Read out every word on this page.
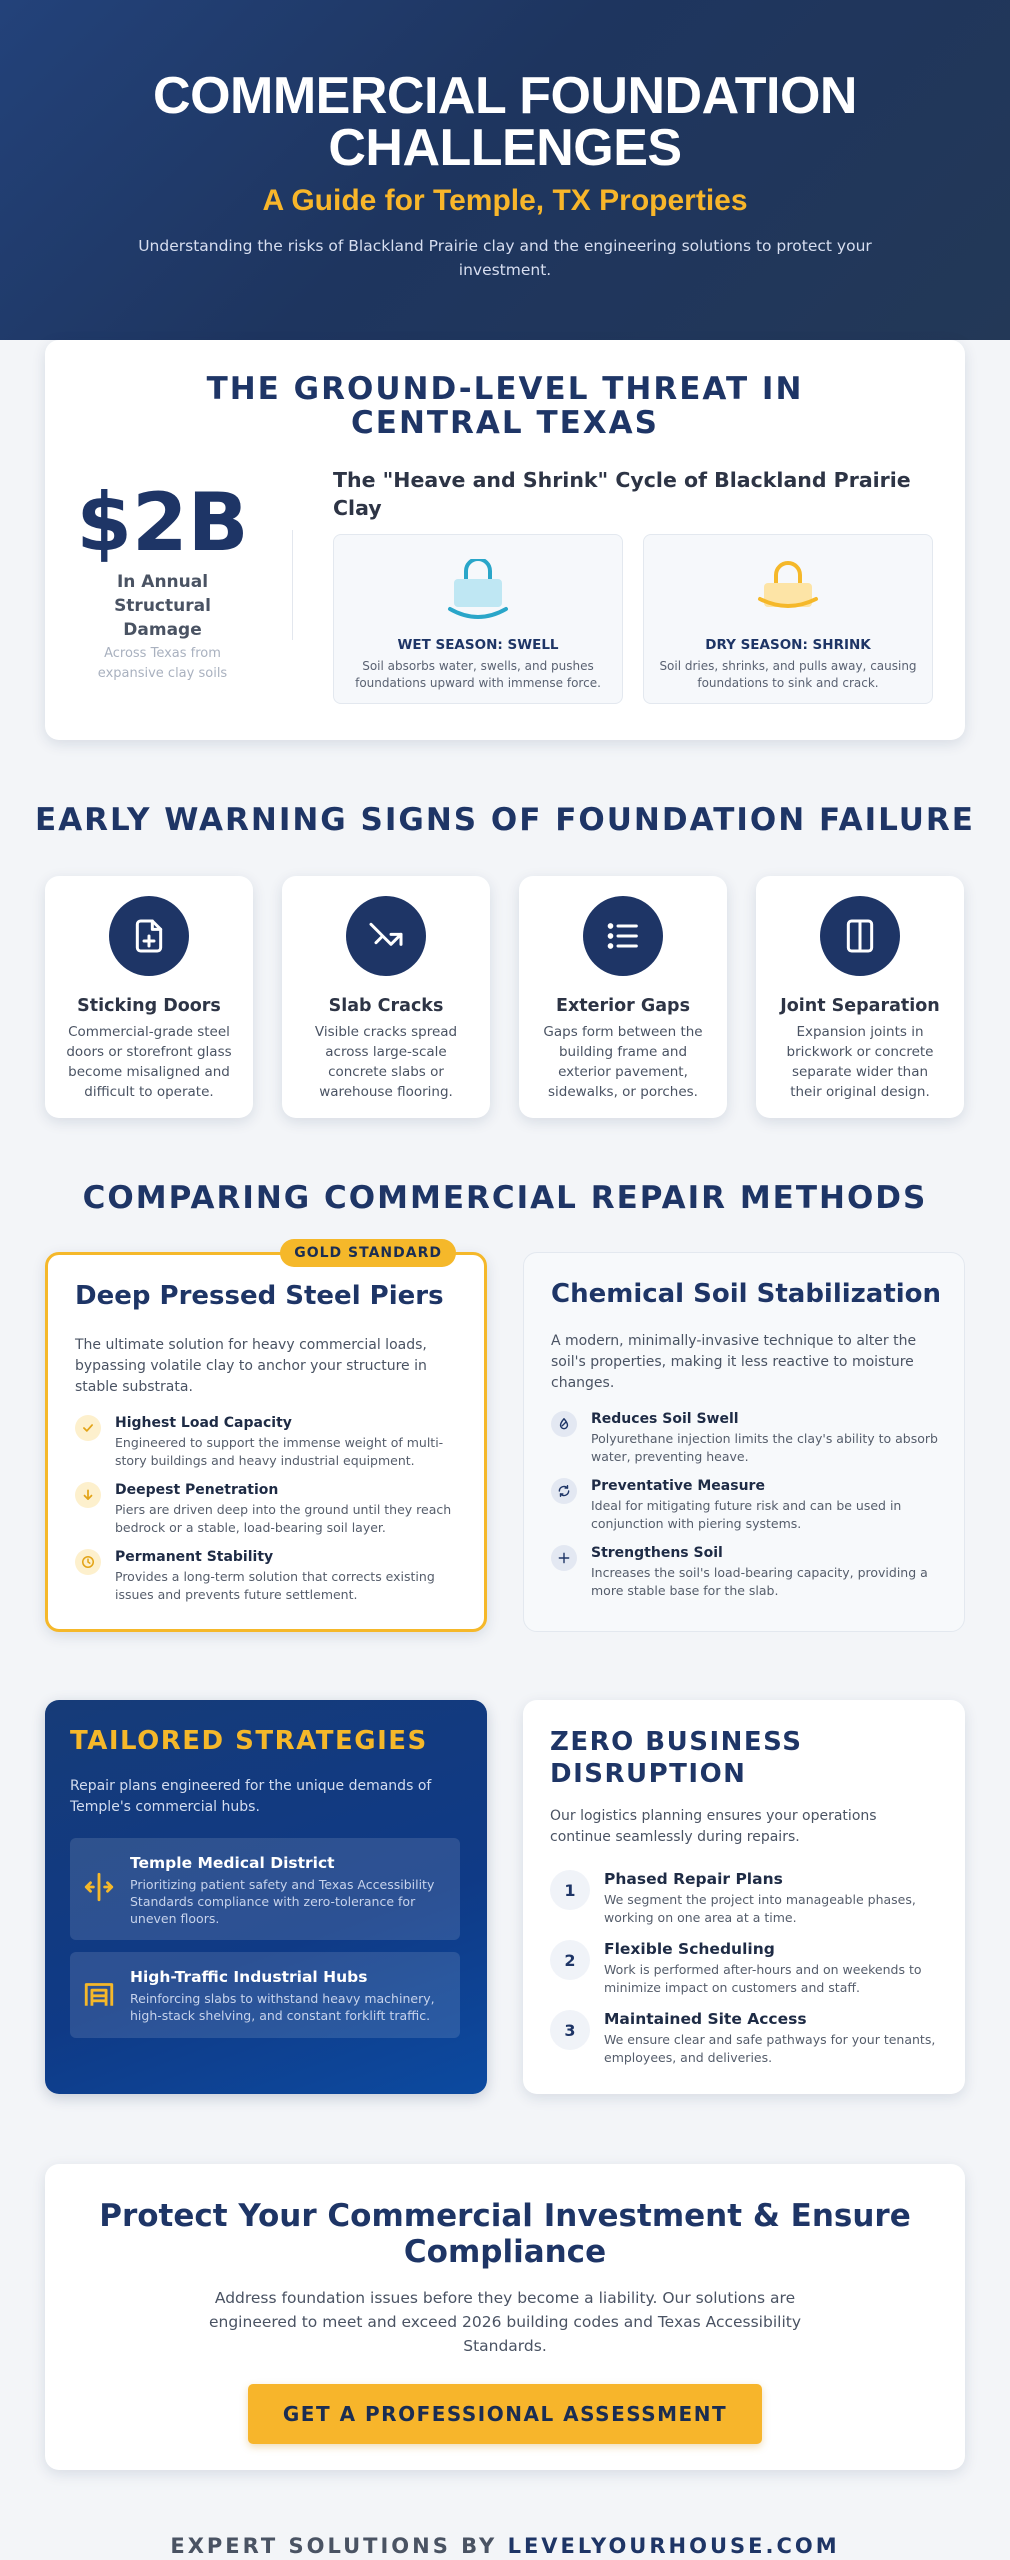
COMMERCIAL FOUNDATION CHALLENGES
A Guide for Temple, TX Properties

Understanding the risks of Blackland Prairie clay and the engineering solutions to protect your investment.

THE GROUND-LEVEL THREAT IN CENTRAL TEXAS
$2B
In Annual Structural Damage
Across Texas from expansive clay soils
The "Heave and Shrink" Cycle of Blackland Prairie Clay
WET SEASON: SWELL
Soil absorbs water, swells, and pushes foundations upward with immense force.
DRY SEASON: SHRINK
Soil dries, shrinks, and pulls away, causing foundations to sink and crack.
EARLY WARNING SIGNS OF FOUNDATION FAILURE
Sticking Doors
Commercial-grade steel doors or storefront glass become misaligned and difficult to operate.
Slab Cracks
Visible cracks spread across large-scale concrete slabs or warehouse flooring.
Exterior Gaps
Gaps form between the building frame and exterior pavement, sidewalks, or porches.
Joint Separation
Expansion joints in brickwork or concrete separate wider than their original design.
COMPARING COMMERCIAL REPAIR METHODS
GOLD STANDARD
Deep Pressed Steel Piers
The ultimate solution for heavy commercial loads, bypassing volatile clay to anchor your structure in stable substrata.
Highest Load Capacity
Engineered to support the immense weight of multi-story buildings and heavy industrial equipment.
Deepest Penetration
Piers are driven deep into the ground until they reach bedrock or a stable, load-bearing soil layer.
Permanent Stability
Provides a long-term solution that corrects existing issues and prevents future settlement.
Chemical Soil Stabilization
A modern, minimally-invasive technique to alter the soil's properties, making it less reactive to moisture changes.
Reduces Soil Swell
Polyurethane injection limits the clay's ability to absorb water, preventing heave.
Preventative Measure
Ideal for mitigating future risk and can be used in conjunction with piering systems.
Strengthens Soil
Increases the soil's load-bearing capacity, providing a more stable base for the slab.
TAILORED STRATEGIES
Repair plans engineered for the unique demands of Temple's commercial hubs.
Temple Medical District
Prioritizing patient safety and Texas Accessibility Standards compliance with zero-tolerance for uneven floors.
High-Traffic Industrial Hubs
Reinforcing slabs to withstand heavy machinery, high-stack shelving, and constant forklift traffic.
ZERO BUSINESS DISRUPTION
Our logistics planning ensures your operations continue seamlessly during repairs.
1
Phased Repair Plans
We segment the project into manageable phases, working on one area at a time.
2
Flexible Scheduling
Work is performed after-hours and on weekends to minimize impact on customers and staff.
3
Maintained Site Access
We ensure clear and safe pathways for your tenants, employees, and deliveries.
Protect Your Commercial Investment & Ensure Compliance

Address foundation issues before they become a liability. Our solutions are engineered to meet and exceed 2026 building codes and Texas Accessibility Standards.

GET A PROFESSIONAL ASSESSMENT
EXPERT SOLUTIONS BY LEVELYOURHOUSE.COM
